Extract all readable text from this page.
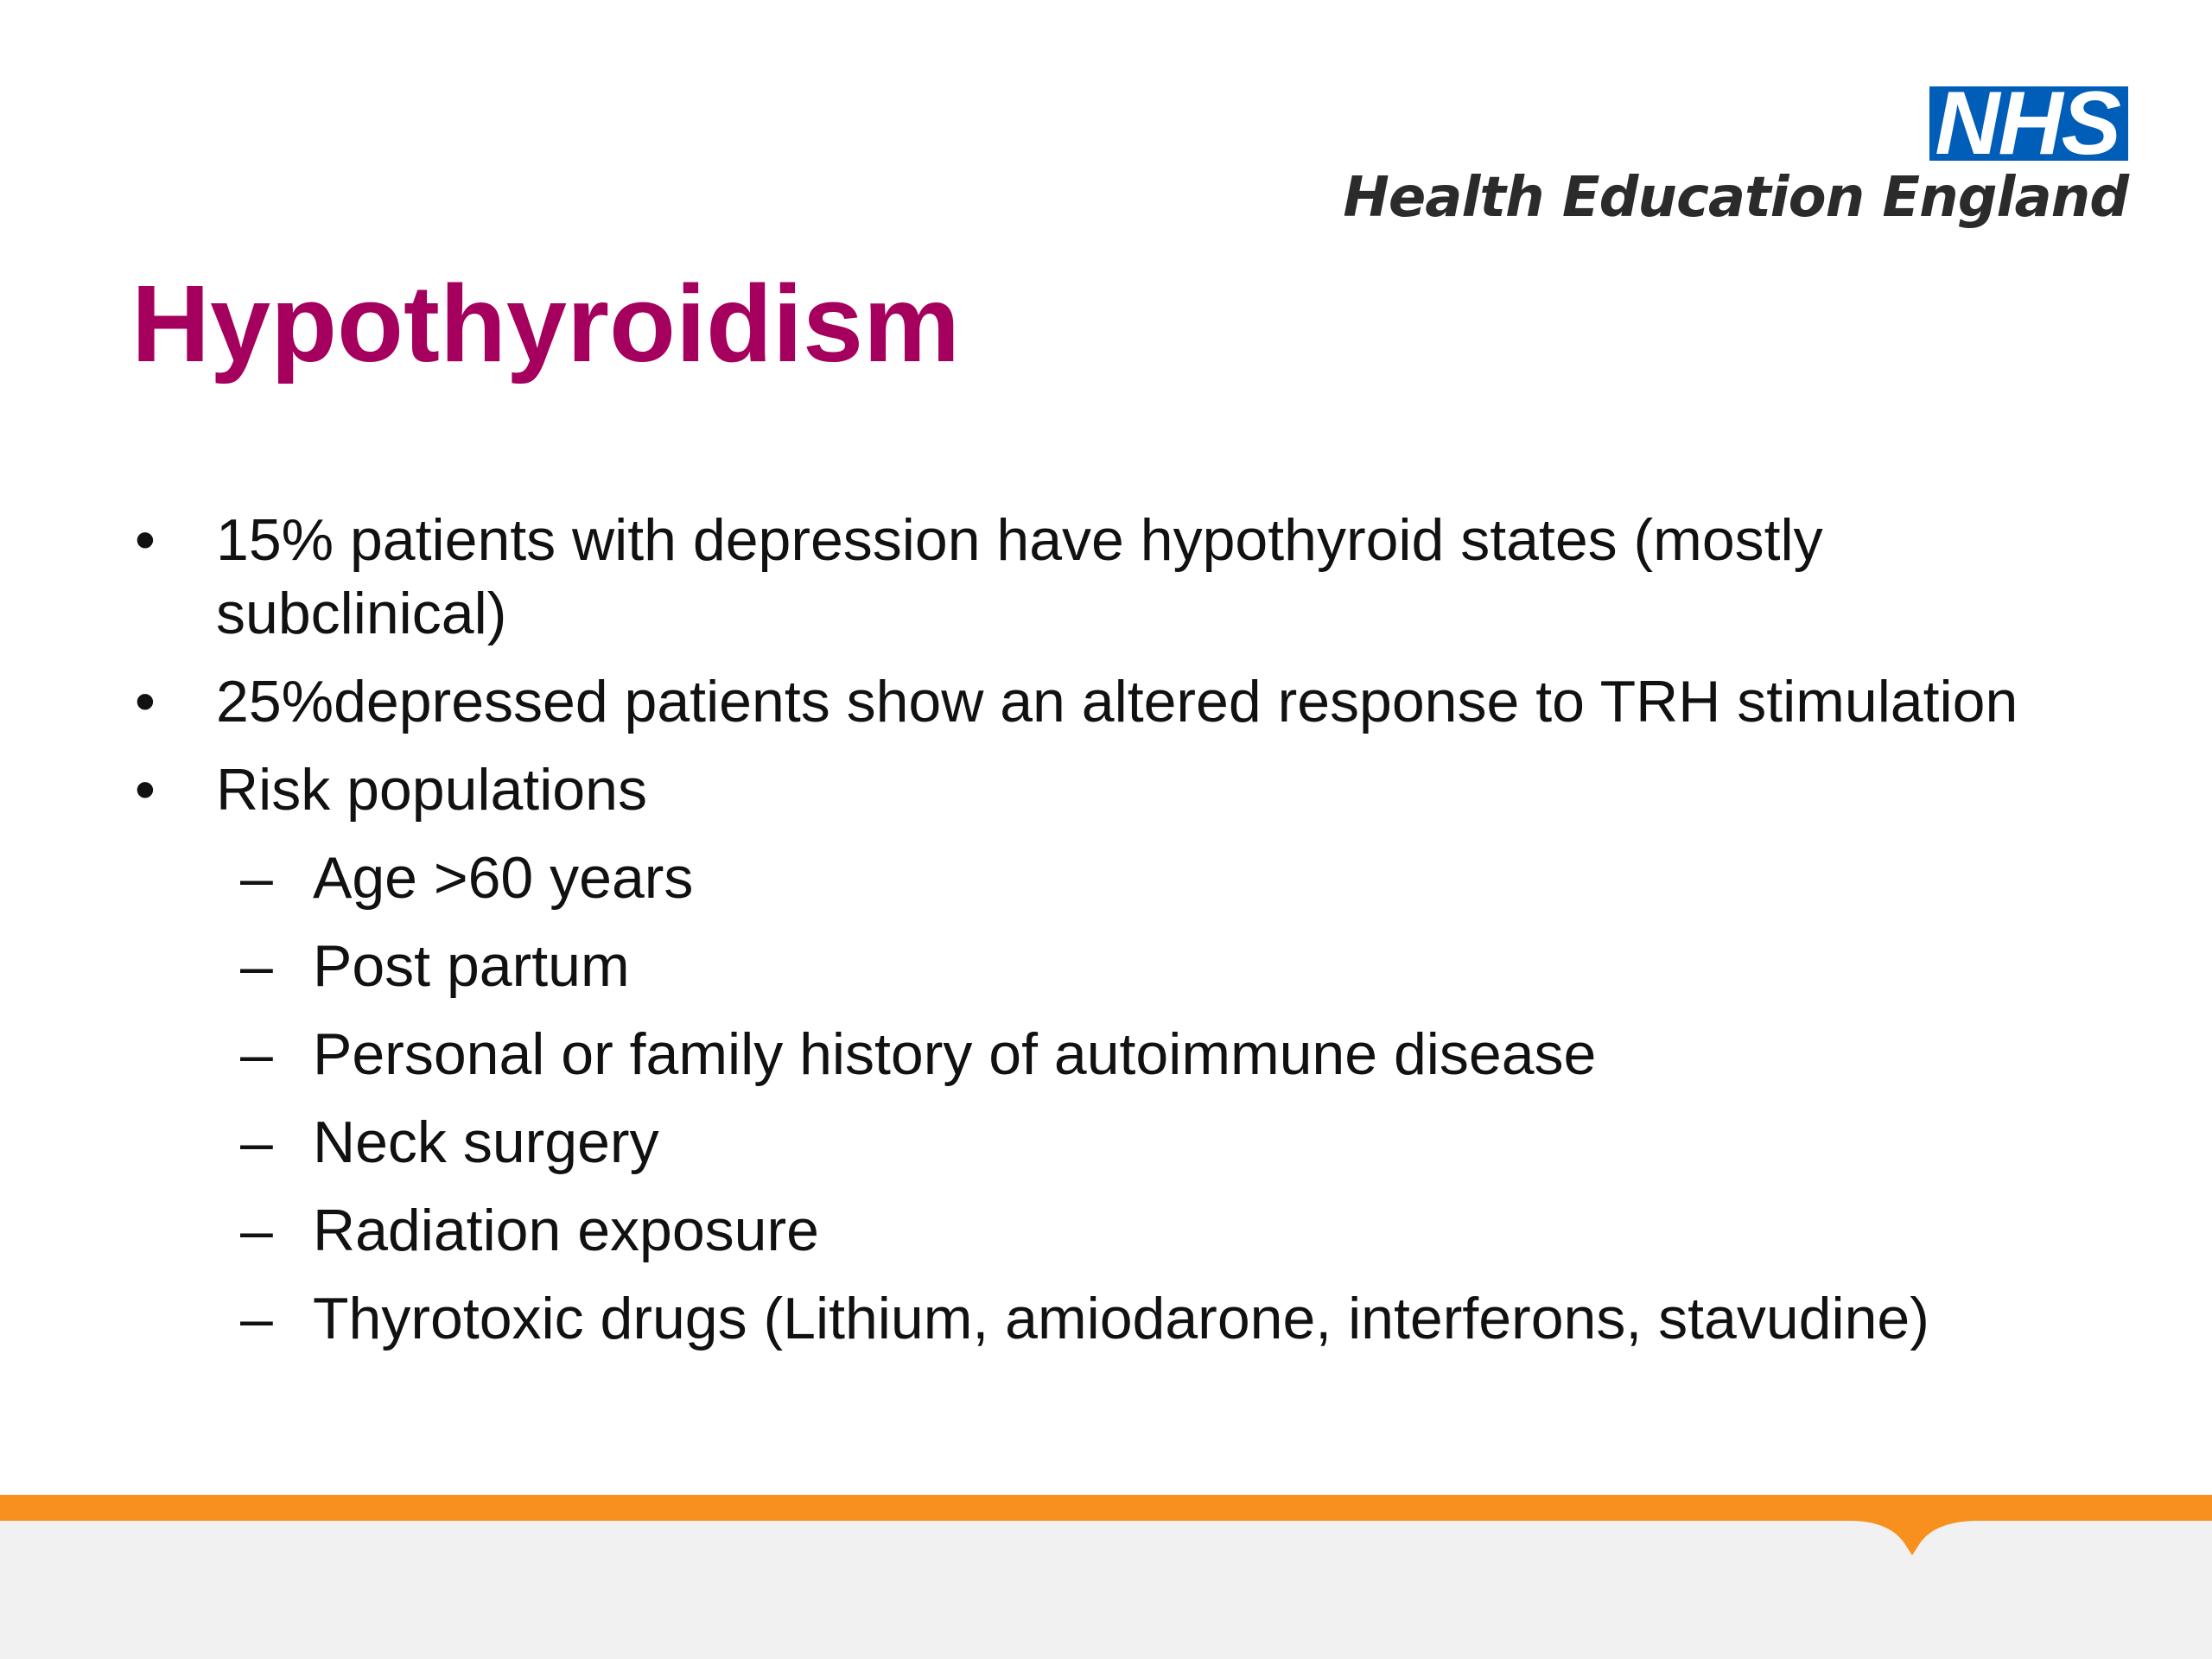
NHS
Health Education England
Hypothyroidism
• 15% patients with depression have hypothyroid states (mostly subclinical)
• 25%depressed patients show an altered response to TRH stimulation
• Risk populations
– Age >60 years
– Post partum
– Personal or family history of autoimmune disease
– Neck surgery
– Radiation exposure
– Thyrotoxic drugs (Lithium, amiodarone, interferons, stavudine)
